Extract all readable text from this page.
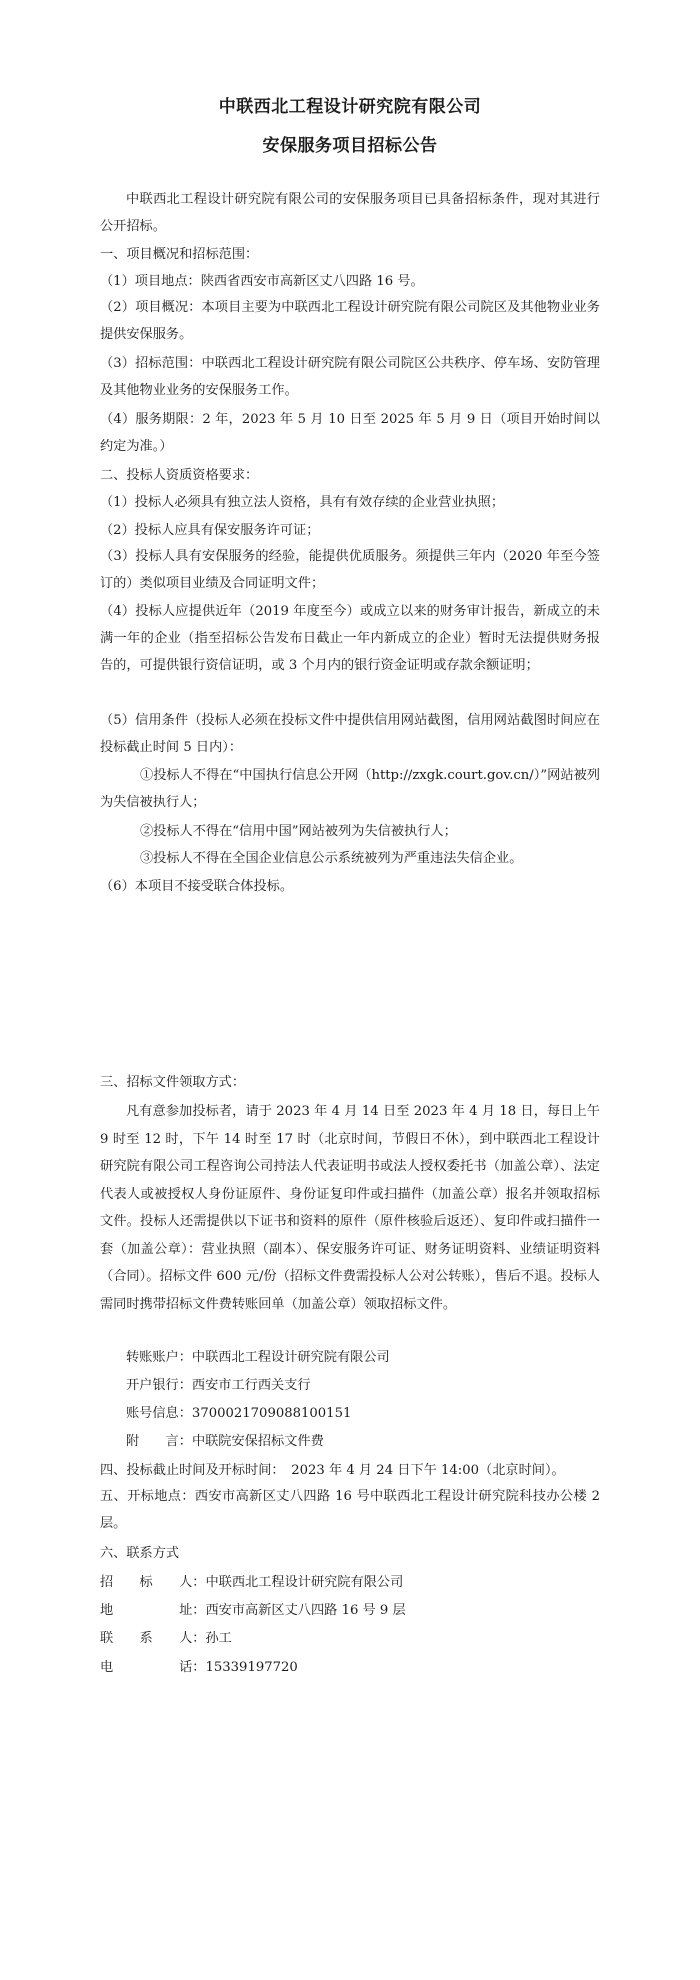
中联西北工程设计研究院有限公司
安保服务项目招标公告

中联西北工程设计研究院有限公司的安保服务项目已具备招标条件，现对其进行公开招标。

一、项目概况和招标范围：

（1）项目地点：陕西省西安市高新区丈八四路 16 号。

（2）项目概况：本项目主要为中联西北工程设计研究院有限公司院区及其他物业业务提供安保服务。

（3）招标范围：中联西北工程设计研究院有限公司院区公共秩序、停车场、安防管理及其他物业业务的安保服务工作。

（4）服务期限：2 年，2023 年 5 月 10 日至 2025 年 5 月 9 日（项目开始时间以约定为准。）

二、投标人资质资格要求：

（1）投标人必须具有独立法人资格，具有有效存续的企业营业执照；

（2）投标人应具有保安服务许可证；

（3）投标人具有安保服务的经验，能提供优质服务。须提供三年内（2020 年至今签订的）类似项目业绩及合同证明文件；

（4）投标人应提供近年（2019 年度至今）或成立以来的财务审计报告，新成立的未满一年的企业（指至招标公告发布日截止一年内新成立的企业）暂时无法提供财务报告的，可提供银行资信证明，或 3 个月内的银行资金证明或存款余额证明；

（5）信用条件（投标人必须在投标文件中提供信用网站截图，信用网站截图时间应在投标截止时间 5 日内）：

①投标人不得在“中国执行信息公开网（http://zxgk.court.gov.cn/）”网站被列为失信被执行人；

②投标人不得在“信用中国”网站被列为失信被执行人；

③投标人不得在全国企业信息公示系统被列为严重违法失信企业。

（6）本项目不接受联合体投标。

三、招标文件领取方式：

凡有意参加投标者，请于 2023 年 4 月 14 日至 2023 年 4 月 18 日，每日上午 9 时至 12 时，下午 14 时至 17 时（北京时间，节假日不休），到中联西北工程设计研究院有限公司工程咨询公司持法人代表证明书或法人授权委托书（加盖公章）、法定代表人或被授权人身份证原件、身份证复印件或扫描件（加盖公章）报名并领取招标文件。投标人还需提供以下证书和资料的原件（原件核验后返还）、复印件或扫描件一套（加盖公章）：营业执照（副本）、保安服务许可证、财务证明资料、业绩证明资料（合同）。招标文件 600 元/份（招标文件费需投标人公对公转账），售后不退。投标人需同时携带招标文件费转账回单（加盖公章）领取招标文件。

转账账户：中联西北工程设计研究院有限公司

开户银行：西安市工行西关支行

账号信息：3700021709088100151

附　　言：中联院安保招标文件费

四、投标截止时间及开标时间：　2023 年 4 月 24 日下午 14:00（北京时间）。

五、开标地点：西安市高新区丈八四路 16 号中联西北工程设计研究院科技办公楼 2 层。

六、联系方式

招　　标　　人：中联西北工程设计研究院有限公司

地　　　　　址：西安市高新区丈八四路 16 号 9 层

联　　系　　人：孙工

电　　　　　话：15339197720
